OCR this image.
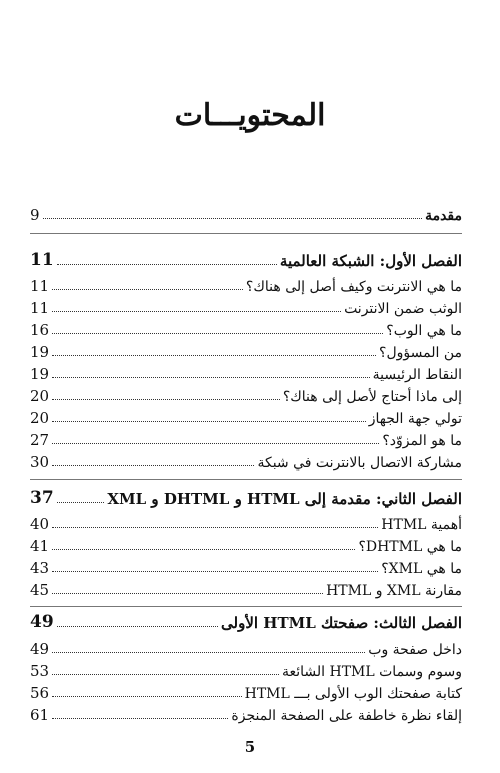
المحتويـــات
مقدمة
9
الفصل الأول: الشبكة العالمية
11
ما هي الانترنت وكيف أصل إلى هناك؟
11
الوثب ضمن الانترنت
11
ما هي الوب؟
16
من المسؤول؟
19
النقاط الرئيسية
19
إلى ماذا أحتاج لأصل إلى هناك؟
20
تولي جهة الجهاز
20
ما هو المزوّد؟
27
مشاركة الاتصال بالانترنت في شبكة
30
الفصل الثاني: مقدمة إلى HTML و DHTML و XML
37
أهمية HTML
40
ما هي DHTML؟
41
ما هي XML؟
43
مقارنة XML و HTML
45
الفصل الثالث: صفحتك HTML الأولى
49
داخل صفحة وب
49
وسوم وسمات HTML الشائعة
53
كتابة صفحتك الوب الأولى بـــ HTML
56
إلقاء نظرة خاطفة على الصفحة المنجزة
61
5
